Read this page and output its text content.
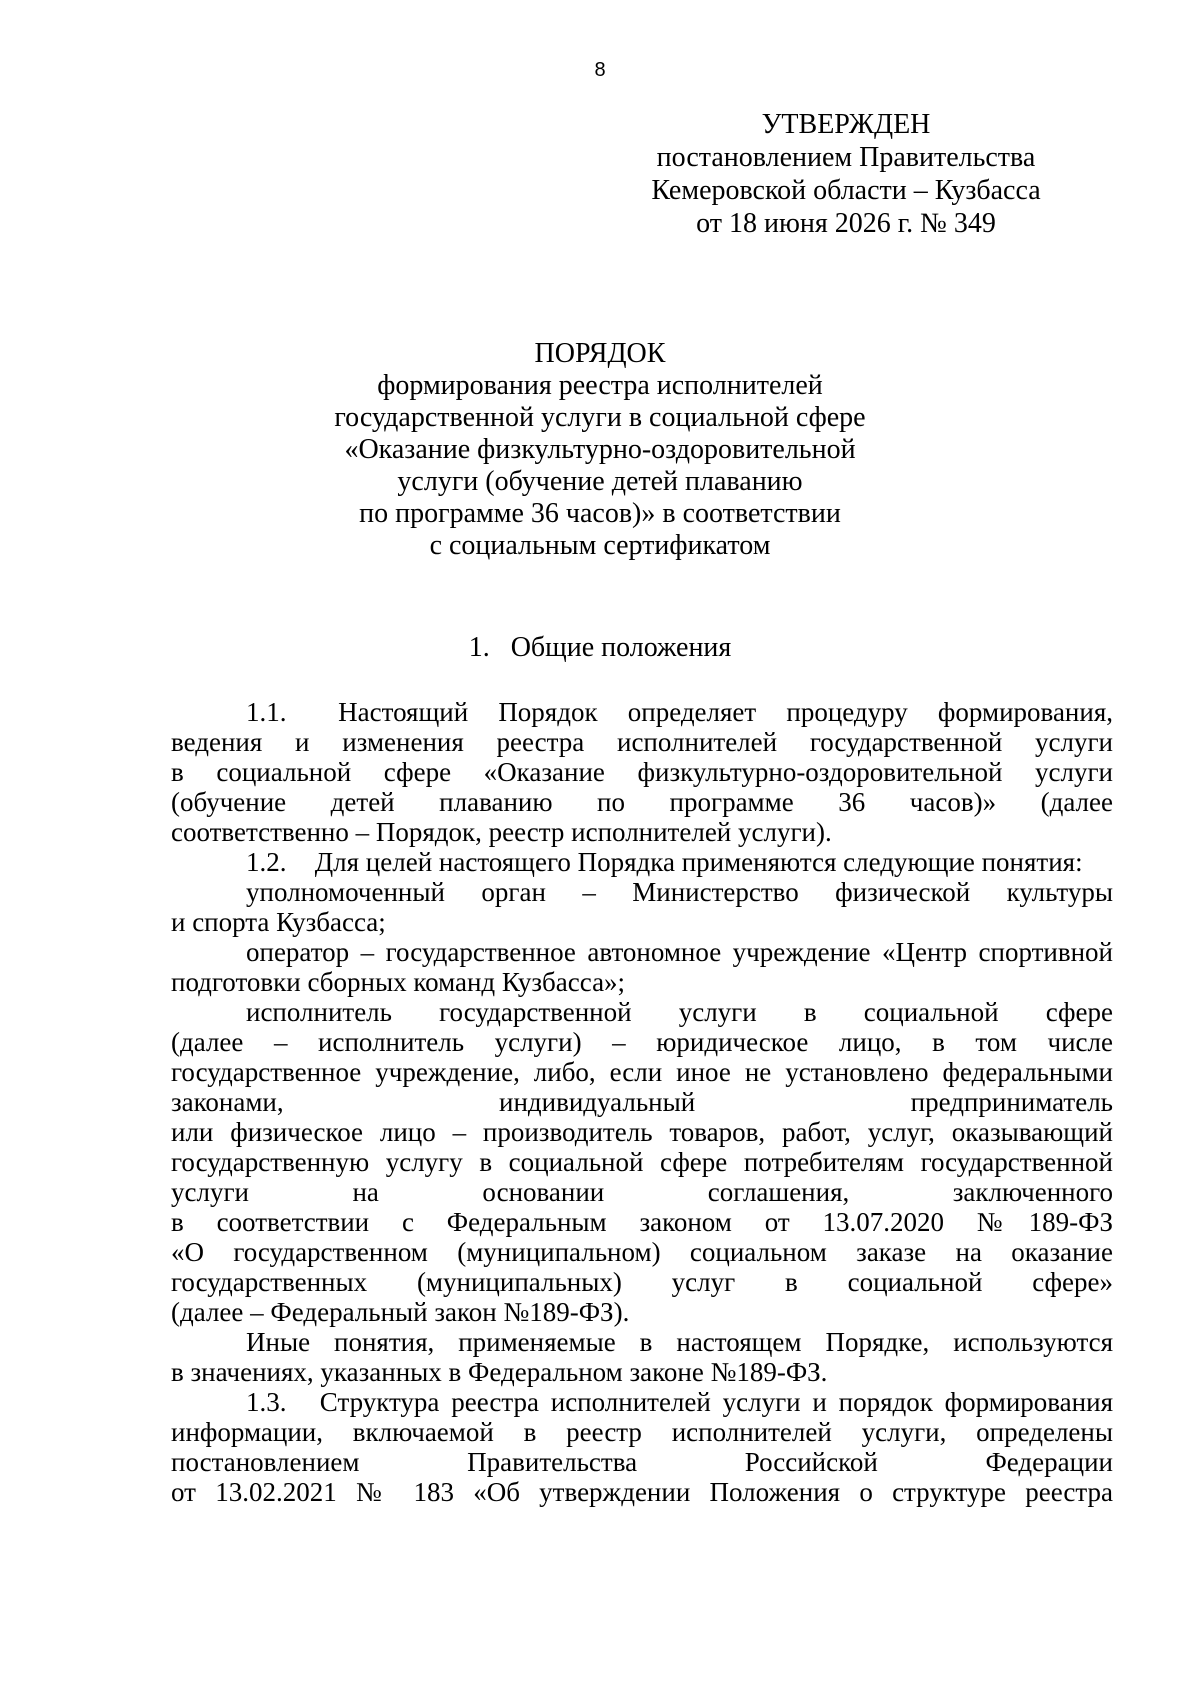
8
УТВЕРЖДЕН
постановлением Правительства
Кемеровской области – Кузбасса
от 18 июня 2026 г. № 349
ПОРЯДОК
формирования реестра исполнителей
государственной услуги в социальной сфере
«Оказание физкультурно-оздоровительной
услуги (обучение детей плаванию
по программе 36 часов)» в соответствии
с социальным сертификатом
1. Общие положения
1.1. Настоящий Порядок определяет процедуру формирования,
ведения и изменения реестра исполнителей государственной услуги
в социальной сфере «Оказание физкультурно-оздоровительной услуги
(обучение детей плаванию по программе 36 часов)» (далее
соответственно – Порядок, реестр исполнителей услуги).
1.2. Для целей настоящего Порядка применяются следующие понятия:
уполномоченный орган – Министерство физической культуры
и спорта Кузбасса;
оператор – государственное автономное учреждение «Центр спортивной
подготовки сборных команд Кузбасса»;
исполнитель государственной услуги в социальной сфере
(далее – исполнитель услуги) – юридическое лицо, в том числе
государственное учреждение, либо, если иное не установлено федеральными
законами, индивидуальный предприниматель
или физическое лицо – производитель товаров, работ, услуг, оказывающий
государственную услугу в социальной сфере потребителям государственной
услуги на основании соглашения, заключенного
в соответствии с Федеральным законом от 13.07.2020 №189-ФЗ
«О государственном (муниципальном) социальном заказе на оказание
государственных (муниципальных) услуг в социальной сфере»
(далее – Федеральный закон №189-ФЗ).
Иные понятия, применяемые в настоящем Порядке, используются
в значениях, указанных в Федеральном законе №189-ФЗ.
1.3. Структура реестра исполнителей услуги и порядок формирования
информации, включаемой в реестр исполнителей услуги, определены
постановлением Правительства Российской Федерации
от 13.02.2021 № 183 «Об утверждении Положения о структуре реестра
